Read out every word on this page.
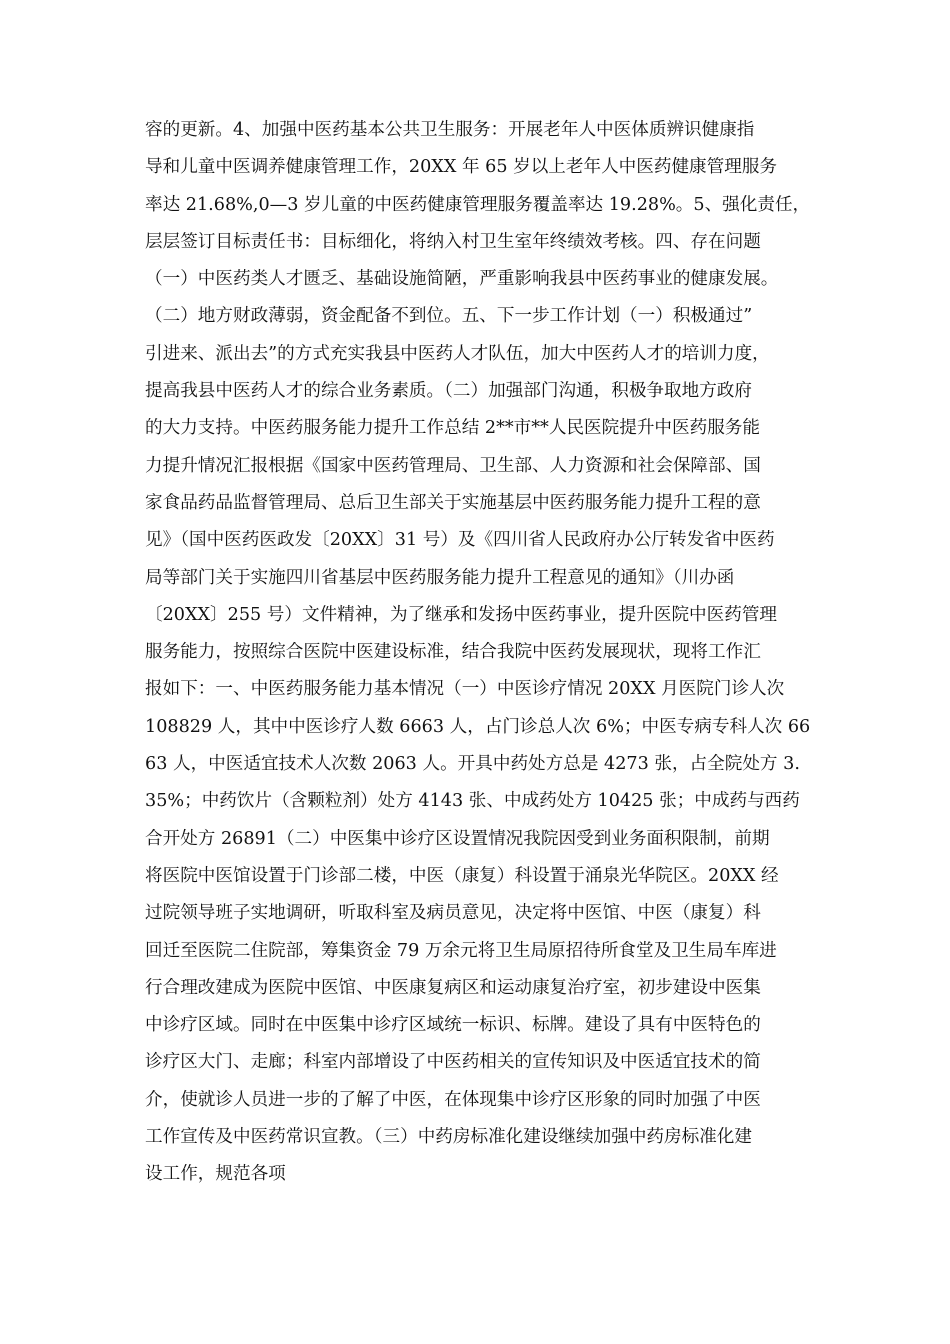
容的更新。4、加强中医药基本公共卫生服务：开展老年人中医体质辨识健康指
导和儿童中医调养健康管理工作，20XX 年 65 岁以上老年人中医药健康管理服务
率达 21.68%,0—3 岁儿童的中医药健康管理服务覆盖率达 19.28%。5、强化责任，
层层签订目标责任书：目标细化，将纳入村卫生室年终绩效考核。四、存在问题
（一）中医药类人才匮乏、基础设施简陋，严重影响我县中医药事业的健康发展。
（二）地方财政薄弱，资金配备不到位。五、下一步工作计划（一）积极通过”
引进来、派出去”的方式充实我县中医药人才队伍，加大中医药人才的培训力度，
提高我县中医药人才的综合业务素质。（二）加强部门沟通，积极争取地方政府
的大力支持。中医药服务能力提升工作总结 2**市**人民医院提升中医药服务能
力提升情况汇报根据《国家中医药管理局、卫生部、人力资源和社会保障部、国
家食品药品监督管理局、总后卫生部关于实施基层中医药服务能力提升工程的意
见》（国中医药医政发〔20XX〕31 号）及《四川省人民政府办公厅转发省中医药
局等部门关于实施四川省基层中医药服务能力提升工程意见的通知》（川办函
〔20XX〕255 号）文件精神，为了继承和发扬中医药事业，提升医院中医药管理
服务能力，按照综合医院中医建设标准，结合我院中医药发展现状，现将工作汇
报如下：一、中医药服务能力基本情况（一）中医诊疗情况 20XX 月医院门诊人次
108829 人，其中中医诊疗人数 6663 人，占门诊总人次 6%；中医专病专科人次 66
63 人，中医适宜技术人次数 2063 人。开具中药处方总是 4273 张，占全院处方 3.
35%；中药饮片（含颗粒剂）处方 4143 张、中成药处方 10425 张；中成药与西药
合开处方 26891（二）中医集中诊疗区设置情况我院因受到业务面积限制，前期
将医院中医馆设置于门诊部二楼，中医（康复）科设置于涌泉光华院区。20XX 经
过院领导班子实地调研，听取科室及病员意见，决定将中医馆、中医（康复）科
回迁至医院二住院部，筹集资金 79 万余元将卫生局原招待所食堂及卫生局车库进
行合理改建成为医院中医馆、中医康复病区和运动康复治疗室，初步建设中医集
中诊疗区域。同时在中医集中诊疗区域统一标识、标牌。建设了具有中医特色的
诊疗区大门、走廊；科室内部增设了中医药相关的宣传知识及中医适宜技术的简
介，使就诊人员进一步的了解了中医，在体现集中诊疗区形象的同时加强了中医
工作宣传及中医药常识宣教。（三）中药房标准化建设继续加强中药房标准化建
设工作，规范各项
